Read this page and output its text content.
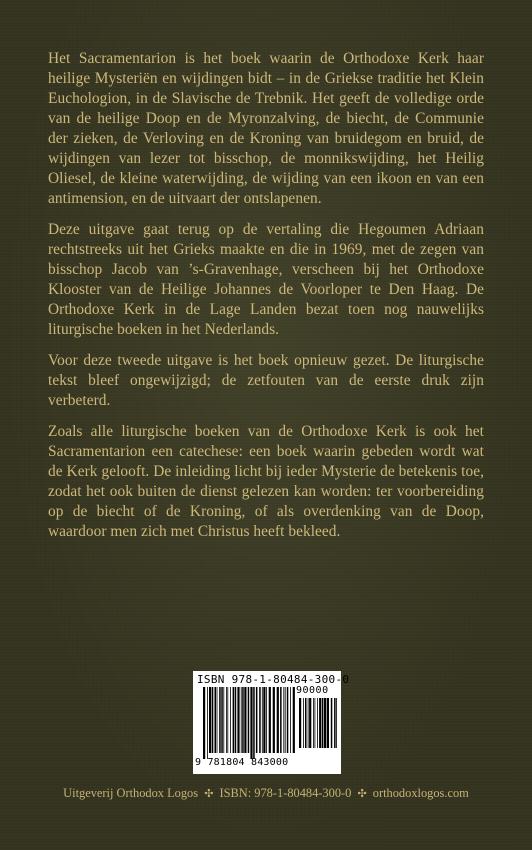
Het Sacramentarion is het boek waarin de Orthodoxe Kerk haar heilige Mysteriën en wijdingen bidt – in de Griekse traditie het Klein Euchologion, in de Slavische de Trebnik. Het geeft de volledige orde van de heilige Doop en de Myronzalving, de biecht, de Communie der zieken, de Verloving en de Kroning van bruidegom en bruid, de wijdingen van lezer tot bisschop, de monnikswijding, het Heilig Oliesel, de kleine waterwijding, de wijding van een ikoon en van een antimension, en de uitvaart der ontslapenen.

Deze uitgave gaat terug op de vertaling die Hegoumen Adriaan rechtstreeks uit het Grieks maakte en die in 1969, met de zegen van bisschop Jacob van ’s-Gravenhage, verscheen bij het Orthodoxe Klooster van de Heilige Johannes de Voorloper te Den Haag. De Orthodoxe Kerk in de Lage Landen bezat toen nog nauwelijks liturgische boeken in het Nederlands.

Voor deze tweede uitgave is het boek opnieuw gezet. De liturgische tekst bleef ongewijzigd; de zetfouten van de eerste druk zijn verbeterd.

Zoals alle liturgische boeken van de Orthodoxe Kerk is ook het Sacramentarion een catechese: een boek waarin gebeden wordt wat de Kerk gelooft. De inleiding licht bij ieder Mysterie de betekenis toe, zodat het ook buiten de dienst gelezen kan worden: ter voorbereiding op de biecht of de Kroning, of als overdenking van de Doop, waardoor men zich met Christus heeft bekleed.

ISBN 978-1-80484-300-0
90000
9 781804 843000
Uitgeverij Orthodox Logos ✣ ISBN: 978-1-80484-300-0 ✣ orthodoxlogos.com
